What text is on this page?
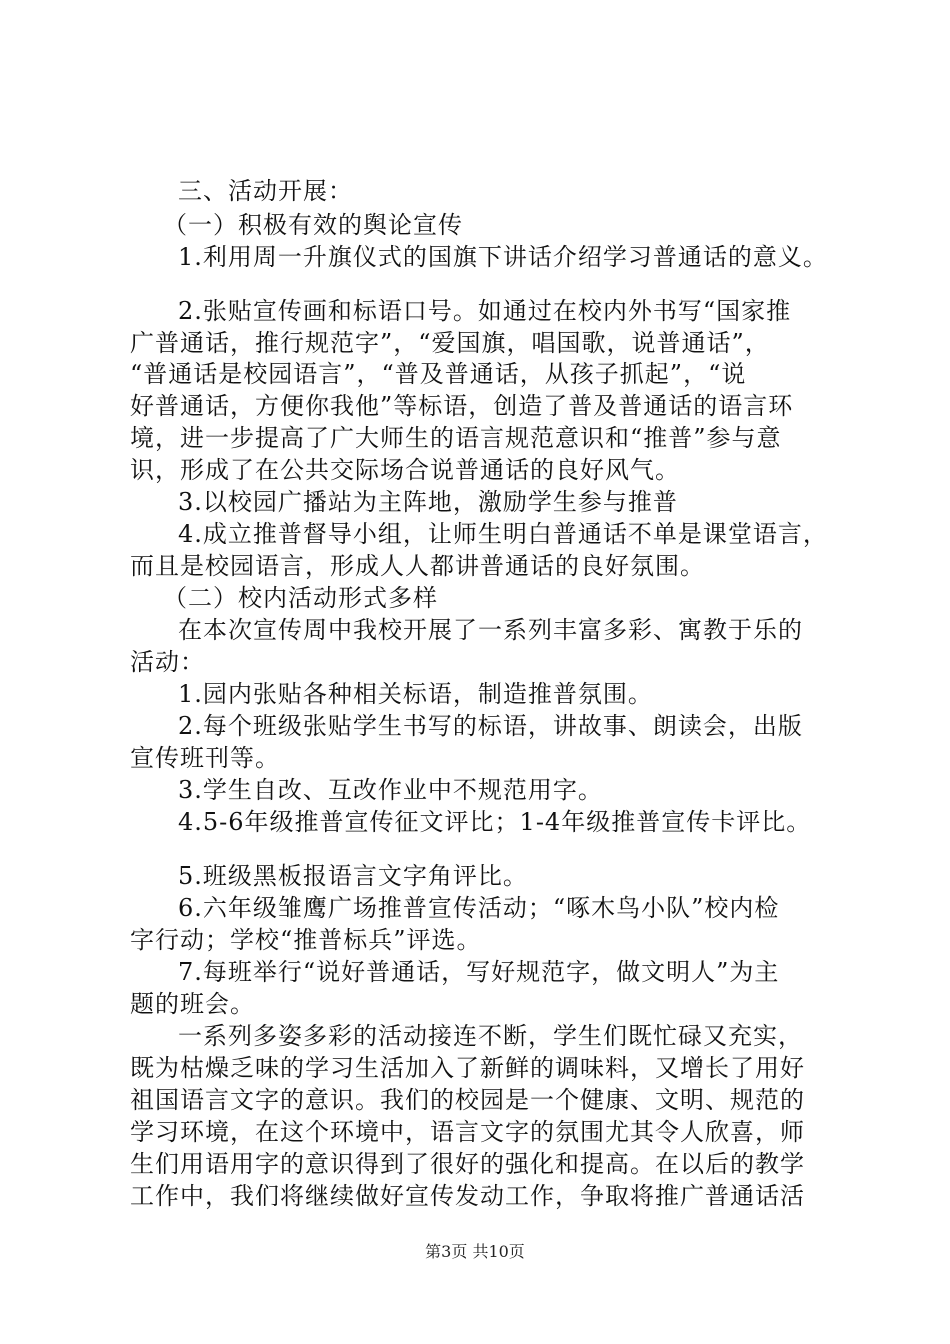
三、活动开展：
（一）积极有效的舆论宣传
1.利用周一升旗仪式的国旗下讲话介绍学习普通话的意义。
2.张贴宣传画和标语口号。如通过在校内外书写“国家推
广普通话，推行规范字”，“爱国旗，唱国歌，说普通话”，
“普通话是校园语言”，“普及普通话，从孩子抓起”，“说
好普通话，方便你我他”等标语，创造了普及普通话的语言环
境，进一步提高了广大师生的语言规范意识和“推普”参与意
识，形成了在公共交际场合说普通话的良好风气。
3.以校园广播站为主阵地，激励学生参与推普
4.成立推普督导小组，让师生明白普通话不单是课堂语言，
而且是校园语言，形成人人都讲普通话的良好氛围。
（二）校内活动形式多样
在本次宣传周中我校开展了一系列丰富多彩、寓教于乐的
活动：
1.园内张贴各种相关标语，制造推普氛围。
2.每个班级张贴学生书写的标语，讲故事、朗读会，出版
宣传班刊等。
3.学生自改、互改作业中不规范用字。
4.5-6年级推普宣传征文评比；1-4年级推普宣传卡评比。
5.班级黑板报语言文字角评比。
6.六年级雏鹰广场推普宣传活动；“啄木鸟小队”校内检
字行动；学校“推普标兵”评选。
7.每班举行“说好普通话，写好规范字，做文明人”为主
题的班会。
一系列多姿多彩的活动接连不断，学生们既忙碌又充实，
既为枯燥乏味的学习生活加入了新鲜的调味料，又增长了用好
祖国语言文字的意识。我们的校园是一个健康、文明、规范的
学习环境，在这个环境中，语言文字的氛围尤其令人欣喜，师
生们用语用字的意识得到了很好的强化和提高。在以后的教学
工作中，我们将继续做好宣传发动工作，争取将推广普通话活
第3页 共10页
